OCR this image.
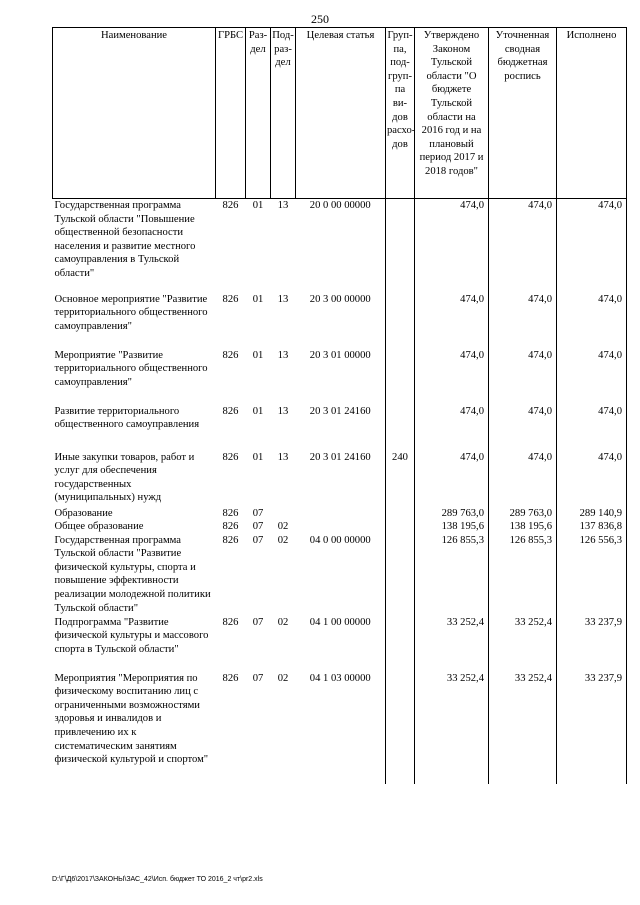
250
Наименование	ГРБС	Раз-дел	Под-раз-дел	Целевая статья	Груп-па, под-груп-па ви-дов расхо-дов	Утверждено Законом Тульской области "О бюджете Тульской области на 2016 год и на плановый период 2017 и 2018 годов"	Уточненная сводная бюджетная роспись	Исполнено
Государственная программа Тульской области "Повышение общественной безопасности населения и развитие местного самоуправления в Тульской области"	826	01	13	20 0 00 00000		474,0	474,0	474,0
Основное мероприятие "Развитие территориального общественного самоуправления"	826	01	13	20 3 00 00000		474,0	474,0	474,0
Мероприятие "Развитие территориального общественного самоуправления"	826	01	13	20 3 01 00000		474,0	474,0	474,0
Развитие территориального общественного самоуправления	826	01	13	20 3 01 24160		474,0	474,0	474,0
Иные закупки товаров, работ и услуг для обеспечения государственных (муниципальных) нужд	826	01	13	20 3 01 24160	240	474,0	474,0	474,0
Образование	826	07				289 763,0	289 763,0	289 140,9
Общее образование	826	07	02			138 195,6	138 195,6	137 836,8
Государственная программа Тульской области "Развитие физической культуры, спорта и повышение эффективности реализации молодежной политики Тульской области"	826	07	02	04 0 00 00000		126 855,3	126 855,3	126 556,3
Подпрограмма "Развитие физической культуры и массового спорта в Тульской области"	826	07	02	04 1 00 00000		33 252,4	33 252,4	33 237,9
Мероприятия "Мероприятия по физическому воспитанию лиц с ограниченными возможностями здоровья и инвалидов и привлечению их к систематическим занятиям физической культурой и спортом"	826	07	02	04 1 03 00000		33 252,4	33 252,4	33 237,9
D:\Г\Д6\2017\ЗАКОНЫ\ЗАС_42\Исп. бюджет ТО 2016_2 чт\pr2.xls
